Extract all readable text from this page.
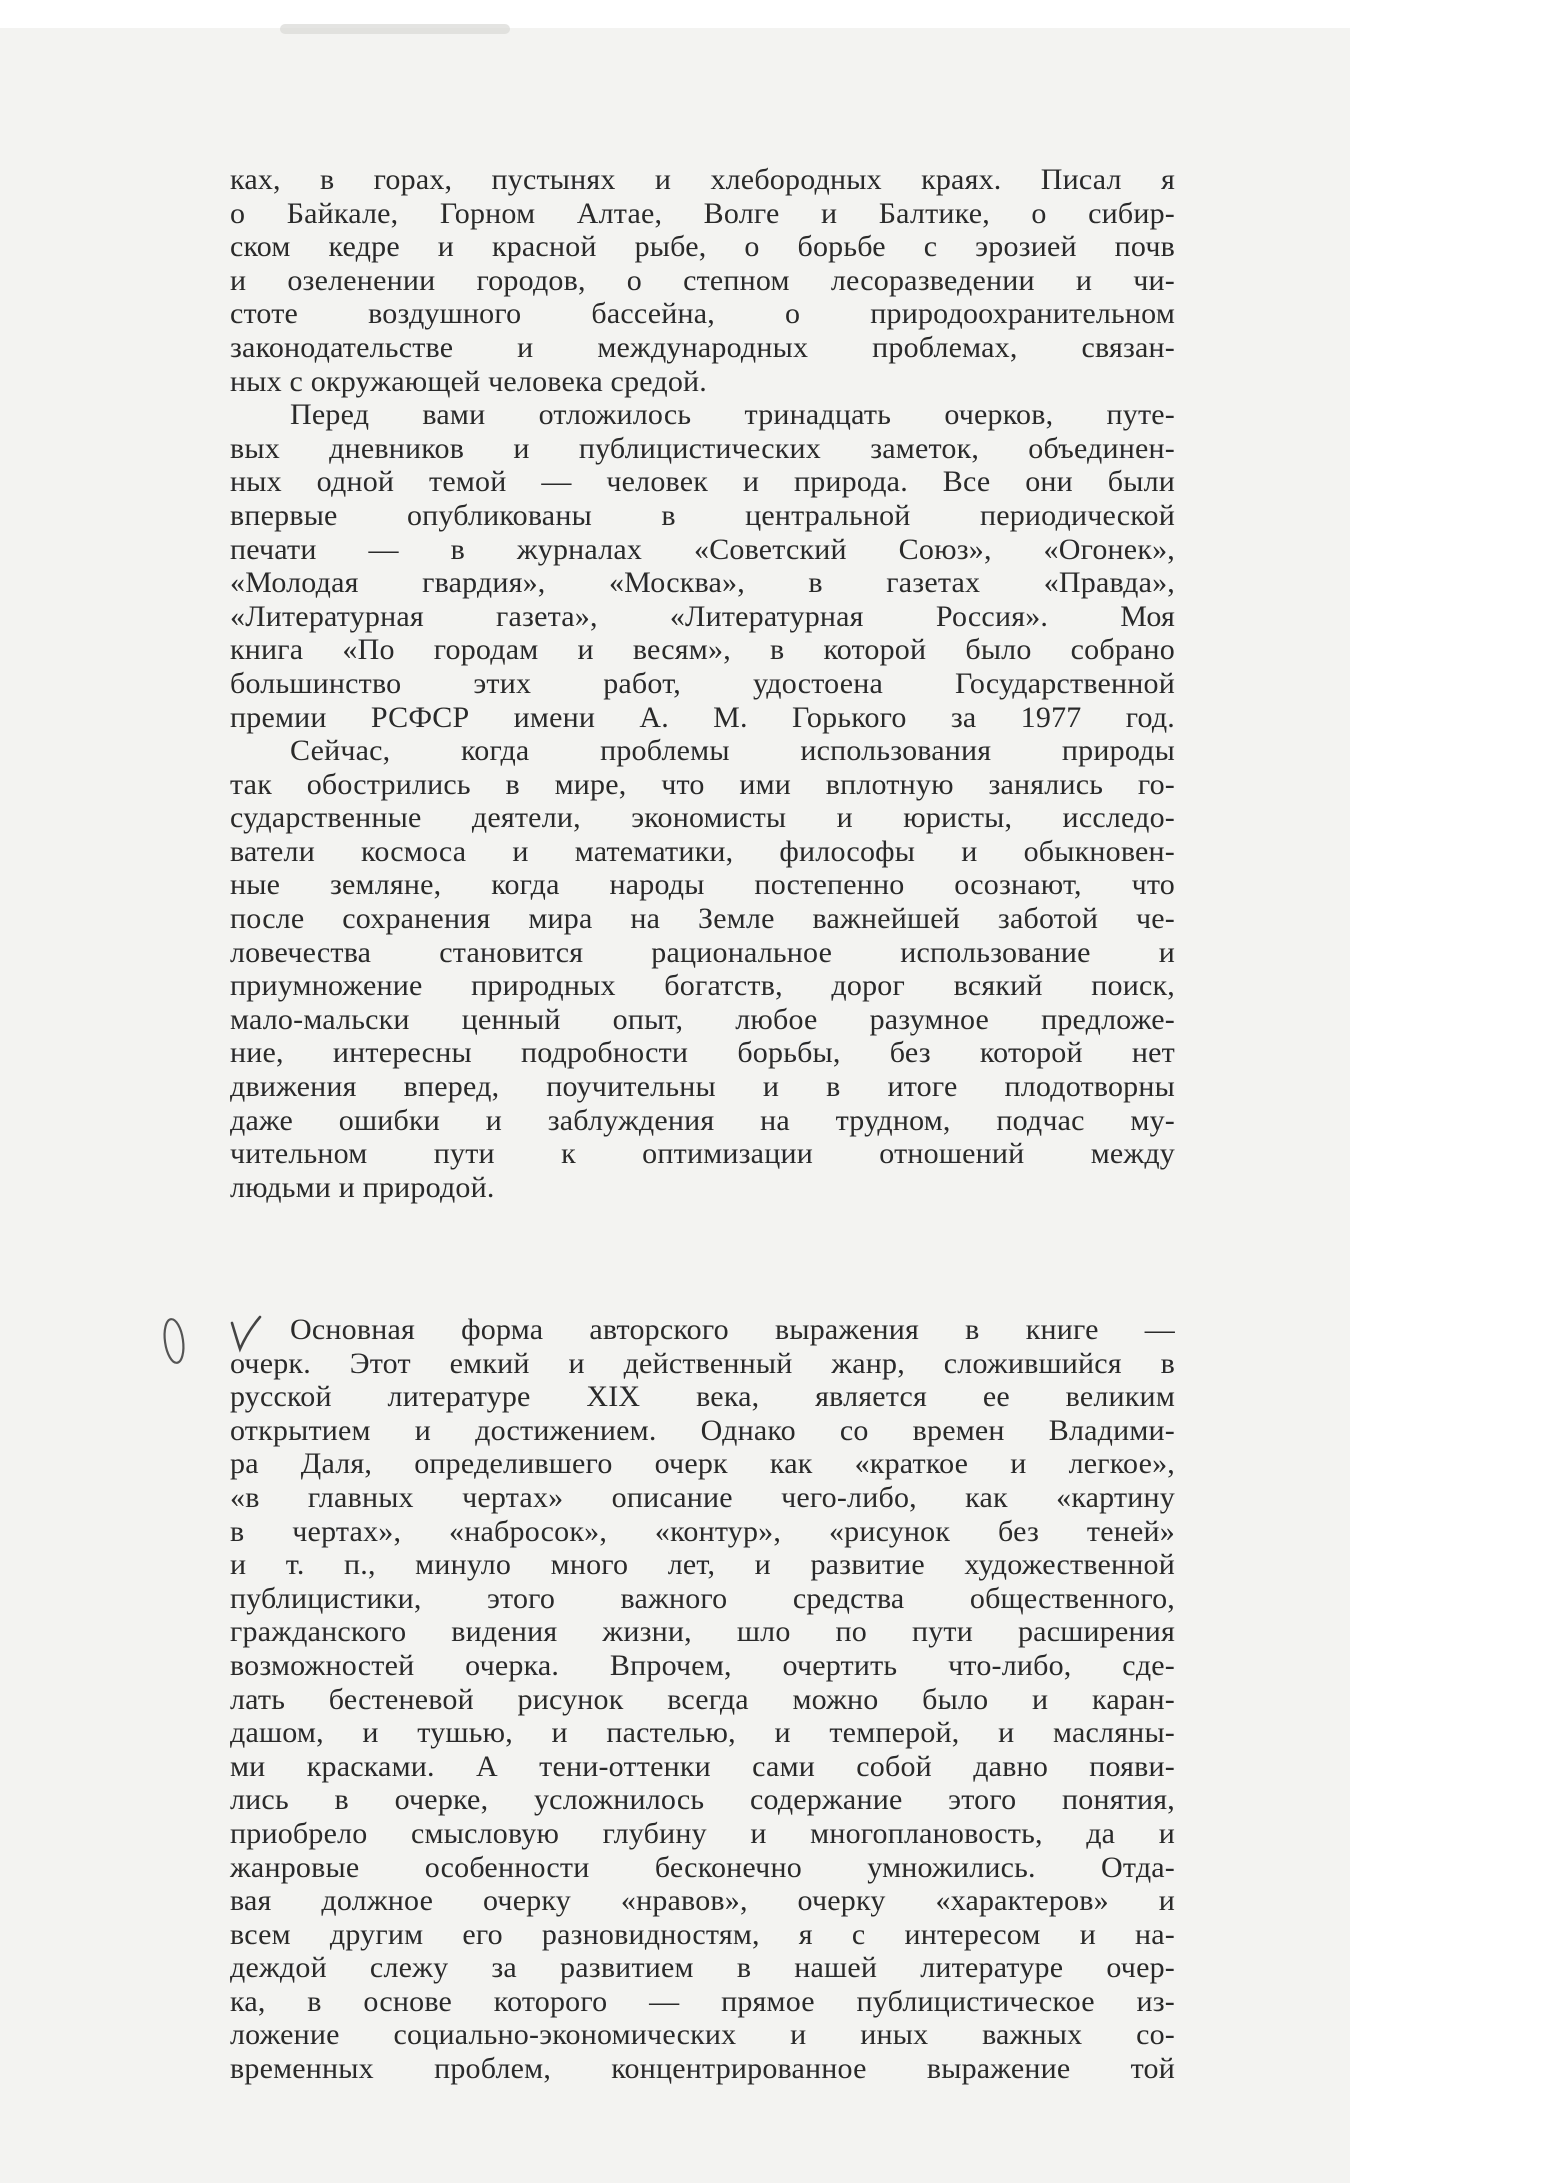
ках, в горах, пустынях и хлебородных краях. Писал я
о Байкале, Горном Алтае, Волге и Балтике, о сибир-
ском кедре и красной рыбе, о борьбе с эрозией почв
и озеленении городов, о степном лесоразведении и чи-
стоте воздушного бассейна, о природоохранительном
законодательстве и международных проблемах, связан-
ных с окружающей человека средой.
Перед вами отложилось тринадцать очерков, путе-
вых дневников и публицистических заметок, объединен-
ных одной темой — человек и природа. Все они были
впервые опубликованы в центральной периодической
печати — в журналах «Советский Союз», «Огонек»,
«Молодая гвардия», «Москва», в газетах «Правда»,
«Литературная газета», «Литературная Россия». Моя
книга «По городам и весям», в которой было собрано
большинство этих работ, удостоена Государственной
премии РСФСР имени А. М. Горького за 1977 год.
Сейчас, когда проблемы использования природы
так обострились в мире, что ими вплотную занялись го-
сударственные деятели, экономисты и юристы, исследо-
ватели космоса и математики, философы и обыкновен-
ные земляне, когда народы постепенно осознают, что
после сохранения мира на Земле важнейшей заботой че-
ловечества становится рациональное использование и
приумножение природных богатств, дорог всякий поиск,
мало-мальски ценный опыт, любое разумное предложе-
ние, интересны подробности борьбы, без которой нет
движения вперед, поучительны и в итоге плодотворны
даже ошибки и заблуждения на трудном, подчас му-
чительном пути к оптимизации отношений между
людьми и природой.
Основная форма авторского выражения в книге —
очерк. Этот емкий и действенный жанр, сложившийся в
русской литературе XIX века, является ее великим
открытием и достижением. Однако со времен Владими-
ра Даля, определившего очерк как «краткое и легкое»,
«в главных чертах» описание чего-либо, как «картину
в чертах», «набросок», «контур», «рисунок без теней»
и т. п., минуло много лет, и развитие художественной
публицистики, этого важного средства общественного,
гражданского видения жизни, шло по пути расширения
возможностей очерка. Впрочем, очертить что-либо, сде-
лать бестеневой рисунок всегда можно было и каран-
дашом, и тушью, и пастелью, и темперой, и масляны-
ми красками. А тени-оттенки сами собой давно появи-
лись в очерке, усложнилось содержание этого понятия,
приобрело смысловую глубину и многоплановость, да и
жанровые особенности бесконечно умножились. Отда-
вая должное очерку «нравов», очерку «характеров» и
всем другим его разновидностям, я с интересом и на-
деждой слежу за развитием в нашей литературе очер-
ка, в основе которого — прямое публицистическое из-
ложение социально-экономических и иных важных со-
временных проблем, концентрированное выражение той
